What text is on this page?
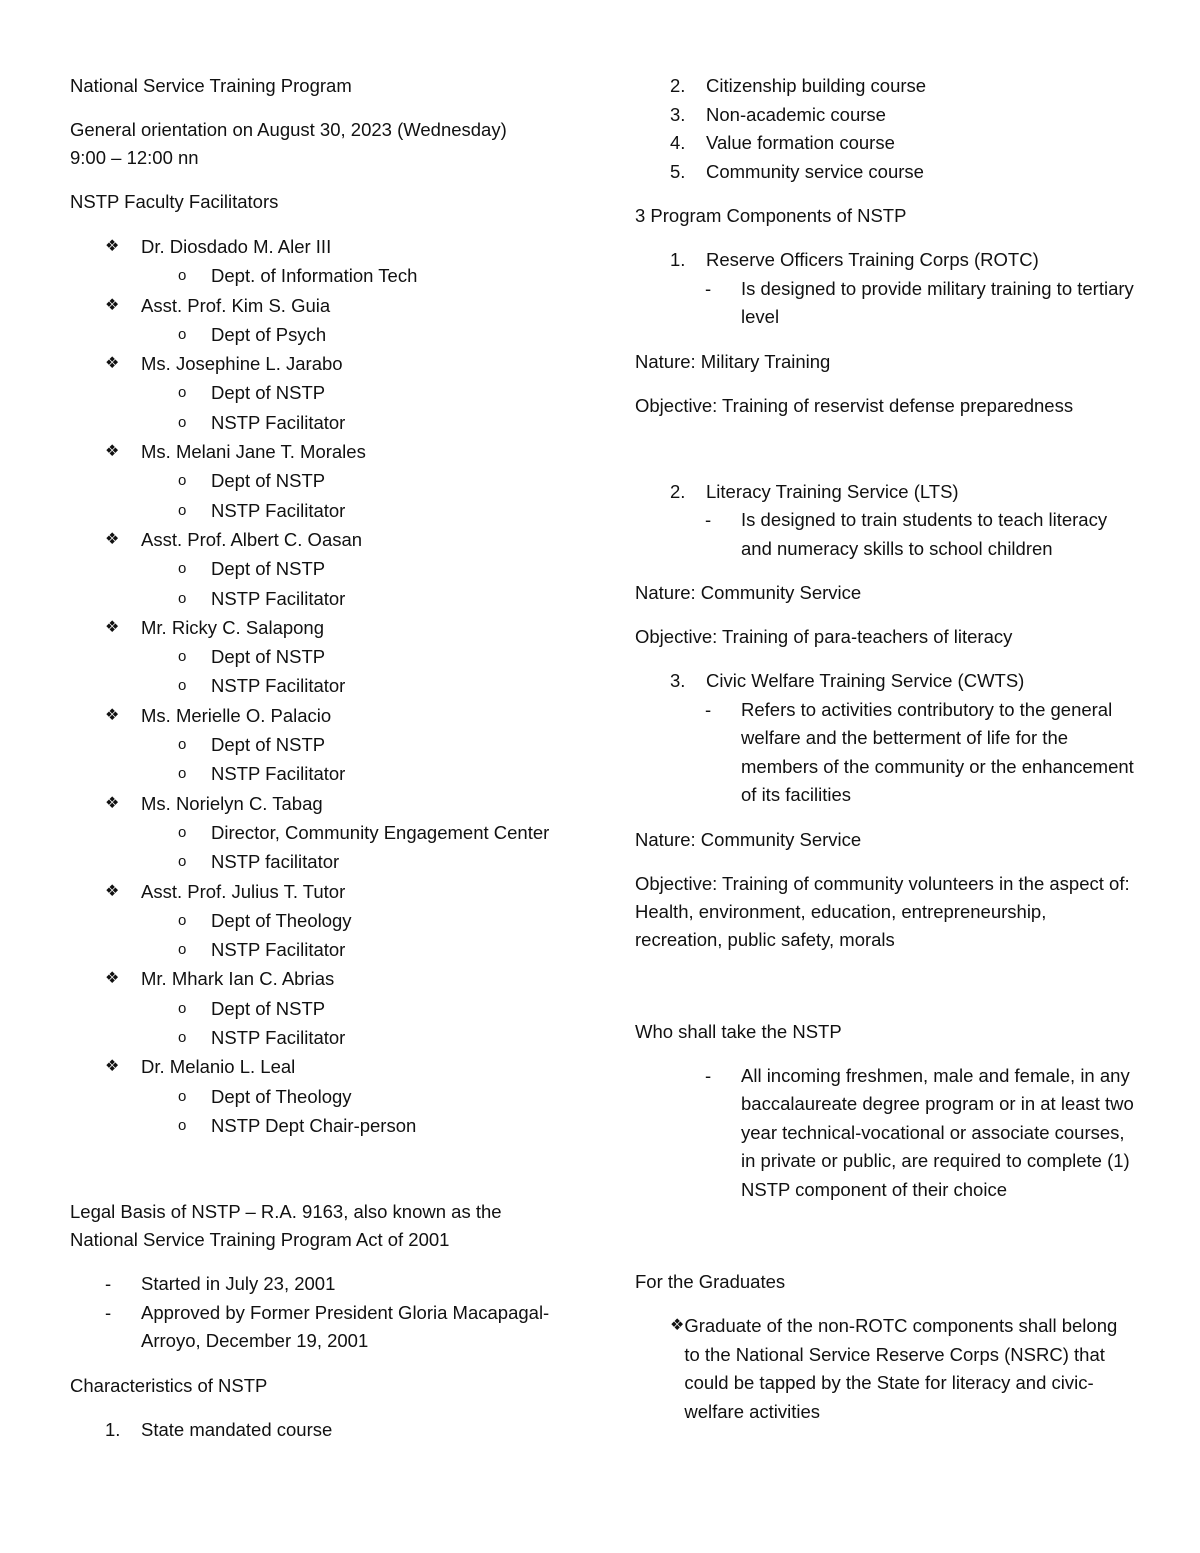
National Service Training Program

General orientation on August 30, 2023 (Wednesday)
9:00 – 12:00 nn

NSTP Faculty Facilitators

❖	Dr. Diosdado M. Aler III
o	Dept. of Information Tech
❖	Asst. Prof. Kim S. Guia
o	Dept of Psych
❖	Ms. Josephine L. Jarabo
o	Dept of NSTP
o	NSTP Facilitator
❖	Ms. Melani Jane T. Morales
o	Dept of NSTP
o	NSTP Facilitator
❖	Asst. Prof. Albert C. Oasan
o	Dept of NSTP
o	NSTP Facilitator
❖	Mr. Ricky C. Salapong
o	Dept of NSTP
o	NSTP Facilitator
❖	Ms. Merielle O. Palacio
o	Dept of NSTP
o	NSTP Facilitator
❖	Ms. Norielyn C. Tabag
o	Director, Community Engagement Center
o	NSTP facilitator
❖	Asst. Prof. Julius T. Tutor
o	Dept of Theology
o	NSTP Facilitator
❖	Mr. Mhark Ian C. Abrias
o	Dept of NSTP
o	NSTP Facilitator
❖	Dr. Melanio L. Leal
o	Dept of Theology
o	NSTP Dept Chair-person

Legal Basis of NSTP – R.A. 9163, also known as the National Service Training Program Act of 2001

-	Started in July 23, 2001
-	Approved by Former President Gloria Macapagal-Arroyo, December 19, 2001

Characteristics of NSTP

1.	State mandated course
2.	Citizenship building course
3.	Non-academic course
4.	Value formation course
5.	Community service course

3 Program Components of NSTP

1.	Reserve Officers Training Corps (ROTC)
-	Is designed to provide military training to tertiary level

Nature: Military Training

Objective: Training of reservist defense preparedness

2.	Literacy Training Service (LTS)
-	Is designed to train students to teach literacy and numeracy skills to school children

Nature: Community Service

Objective: Training of para-teachers of literacy

3.	Civic Welfare Training Service (CWTS)
-	Refers to activities contributory to the general welfare and the betterment of life for the members of the community or the enhancement of its facilities

Nature: Community Service

Objective: Training of community volunteers in the aspect of: Health, environment, education, entrepreneurship, recreation, public safety, morals

Who shall take the NSTP

-	All incoming freshmen, male and female, in any baccalaureate degree program or in at least two year technical-vocational or associate courses, in private or public, are required to complete (1) NSTP component of their choice

For the Graduates

❖ Graduate of the non-ROTC components shall belong to the National Service Reserve Corps (NSRC) that could be tapped by the State for literacy and civic-welfare activities
